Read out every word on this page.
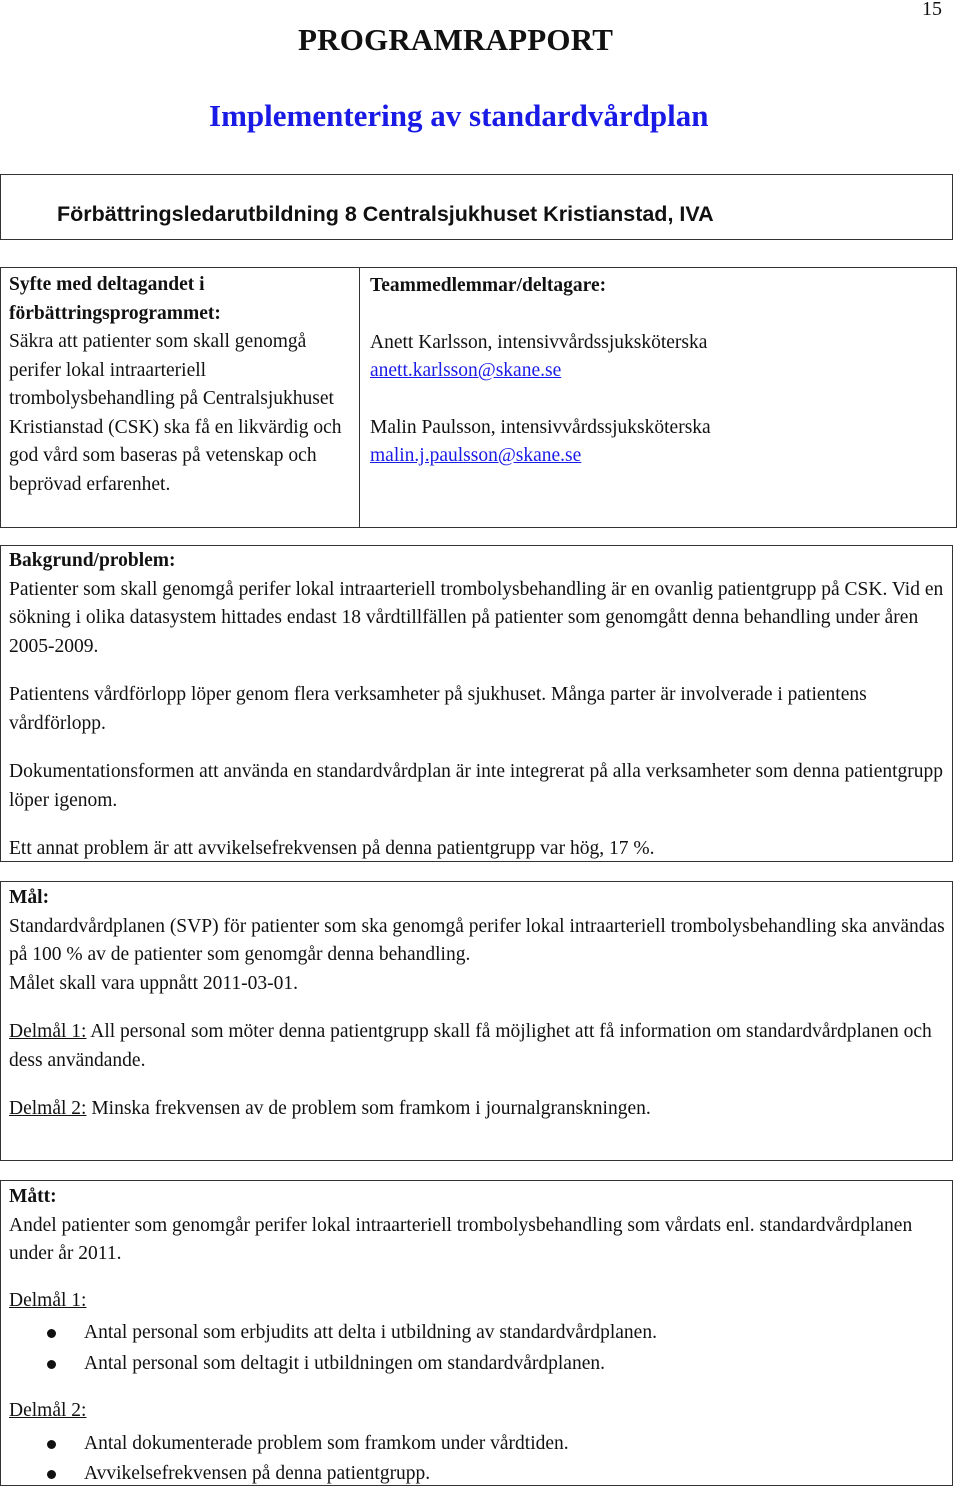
15
PROGRAMRAPPORT
Implementering av standardvårdplan
Förbättringsledarutbildning 8 Centralsjukhuset Kristianstad, IVA

Syfte med deltagandet i förbättringsprogrammet:

Säkra att patienter som skall genomgå perifer lokal intraarteriell trombolysbehandling på Centralsjukhuset Kristianstad (CSK) ska få en likvärdig och god vård som baseras på vetenskap och beprövad erfarenhet.

Teammedlemmar/deltagare:

Anett Karlsson, intensivvårdssjuksköterska

anett.karlsson@skane.se

Malin Paulsson, intensivvårdssjuksköterska

malin.j.paulsson@skane.se

Bakgrund/problem:

Patienter som skall genomgå perifer lokal intraarteriell trombolysbehandling är en ovanlig patientgrupp på CSK. Vid en sökning i olika datasystem hittades endast 18 vårdtillfällen på patienter som genomgått denna behandling under åren 2005-2009.

Patientens vårdförlopp löper genom flera verksamheter på sjukhuset. Många parter är involverade i patientens vårdförlopp.

Dokumentationsformen att använda en standardvårdplan är inte integrerat på alla verksamheter som denna patientgrupp löper igenom.

Ett annat problem är att avvikelsefrekvensen på denna patientgrupp var hög, 17 %.

Mål:

Standardvårdplanen (SVP) för patienter som ska genomgå perifer lokal intraarteriell trombolysbehandling ska användas på 100 % av de patienter som genomgår denna behandling.

Målet skall vara uppnått 2011-03-01.

Delmål 1: All personal som möter denna patientgrupp skall få möjlighet att få information om standardvårdplanen och dess användande.

Delmål 2: Minska frekvensen av de problem som framkom i journalgranskningen.

Mått:

Andel patienter som genomgår perifer lokal intraarteriell trombolysbehandling som vårdats enl. standardvårdplanen under år 2011.

Delmål 1:

Antal personal som erbjudits att delta i utbildning av standardvårdplanen.
Antal personal som deltagit i utbildningen om standardvårdplanen.

Delmål 2:

Antal dokumenterade problem som framkom under vårdtiden.
Avvikelsefrekvensen på denna patientgrupp.
